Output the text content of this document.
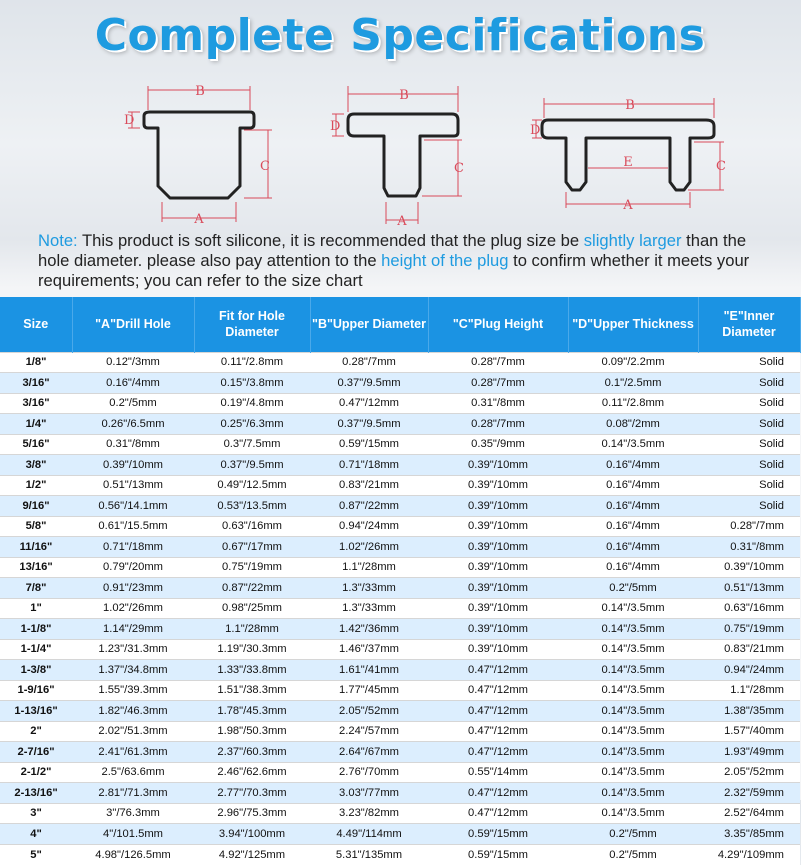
Complete Specifications
B
D
C
A
B
D
C
A
B
D
C
E
A
Note: This product is soft silicone, it is recommended that the plug size be slightly larger than the hole diameter. please also pay attention to the height of the plug to confirm whether it meets your requirements; you can refer to the size chart
Size	"A"Drill Hole	Fit for Hole Diameter	"B"Upper Diameter	"C"Plug Height	"D"Upper Thickness	"E"Inner Diameter
1/8"	0.12"/3mm	0.11"/2.8mm	0.28"/7mm	0.28"/7mm	0.09"/2.2mm	Solid
3/16"	0.16"/4mm	0.15"/3.8mm	0.37"/9.5mm	0.28"/7mm	0.1"/2.5mm	Solid
3/16"	0.2"/5mm	0.19"/4.8mm	0.47"/12mm	0.31"/8mm	0.11"/2.8mm	Solid
1/4"	0.26"/6.5mm	0.25"/6.3mm	0.37"/9.5mm	0.28"/7mm	0.08"/2mm	Solid
5/16"	0.31"/8mm	0.3"/7.5mm	0.59"/15mm	0.35"/9mm	0.14"/3.5mm	Solid
3/8"	0.39"/10mm	0.37"/9.5mm	0.71"/18mm	0.39"/10mm	0.16"/4mm	Solid
1/2"	0.51"/13mm	0.49"/12.5mm	0.83"/21mm	0.39"/10mm	0.16"/4mm	Solid
9/16"	0.56"/14.1mm	0.53"/13.5mm	0.87"/22mm	0.39"/10mm	0.16"/4mm	Solid
5/8"	0.61"/15.5mm	0.63"/16mm	0.94"/24mm	0.39"/10mm	0.16"/4mm	0.28"/7mm
11/16"	0.71"/18mm	0.67"/17mm	1.02"/26mm	0.39"/10mm	0.16"/4mm	0.31"/8mm
13/16"	0.79"/20mm	0.75"/19mm	1.1"/28mm	0.39"/10mm	0.16"/4mm	0.39"/10mm
7/8"	0.91"/23mm	0.87"/22mm	1.3"/33mm	0.39"/10mm	0.2"/5mm	0.51"/13mm
1"	1.02"/26mm	0.98"/25mm	1.3"/33mm	0.39"/10mm	0.14"/3.5mm	0.63"/16mm
1-1/8"	1.14"/29mm	1.1"/28mm	1.42"/36mm	0.39"/10mm	0.14"/3.5mm	0.75"/19mm
1-1/4"	1.23"/31.3mm	1.19"/30.3mm	1.46"/37mm	0.39"/10mm	0.14"/3.5mm	0.83"/21mm
1-3/8"	1.37"/34.8mm	1.33"/33.8mm	1.61"/41mm	0.47"/12mm	0.14"/3.5mm	0.94"/24mm
1-9/16"	1.55"/39.3mm	1.51"/38.3mm	1.77"/45mm	0.47"/12mm	0.14"/3.5mm	1.1"/28mm
1-13/16"	1.82"/46.3mm	1.78"/45.3mm	2.05"/52mm	0.47"/12mm	0.14"/3.5mm	1.38"/35mm
2"	2.02"/51.3mm	1.98"/50.3mm	2.24"/57mm	0.47"/12mm	0.14"/3.5mm	1.57"/40mm
2-7/16"	2.41"/61.3mm	2.37"/60.3mm	2.64"/67mm	0.47"/12mm	0.14"/3.5mm	1.93"/49mm
2-1/2"	2.5"/63.6mm	2.46"/62.6mm	2.76"/70mm	0.55"/14mm	0.14"/3.5mm	2.05"/52mm
2-13/16"	2.81"/71.3mm	2.77"/70.3mm	3.03"/77mm	0.47"/12mm	0.14"/3.5mm	2.32"/59mm
3"	3"/76.3mm	2.96"/75.3mm	3.23"/82mm	0.47"/12mm	0.14"/3.5mm	2.52"/64mm
4"	4"/101.5mm	3.94"/100mm	4.49"/114mm	0.59"/15mm	0.2"/5mm	3.35"/85mm
5"	4.98"/126.5mm	4.92"/125mm	5.31"/135mm	0.59"/15mm	0.2"/5mm	4.29"/109mm
